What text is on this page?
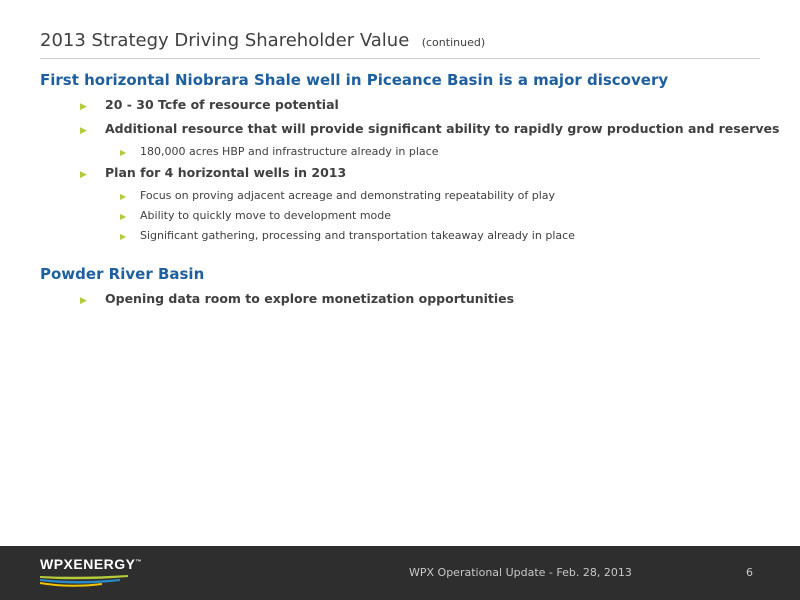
2013 Strategy Driving Shareholder Value (continued)
First horizontal Niobrara Shale well in Piceance Basin is a major discovery
▶	20 - 30 Tcfe of resource potential
▶	Additional resource that will provide significant ability to rapidly grow production and reserves
▶	180,000 acres HBP and infrastructure already in place
▶	Plan for 4 horizontal wells in 2013
▶	Focus on proving adjacent acreage and demonstrating repeatability of play
▶	Ability to quickly move to development mode
▶	Significant gathering, processing and transportation takeaway already in place
Powder River Basin
▶	Opening data room to explore monetization opportunities
WPXENERGY™
WPX Operational Update - Feb. 28, 2013	6
